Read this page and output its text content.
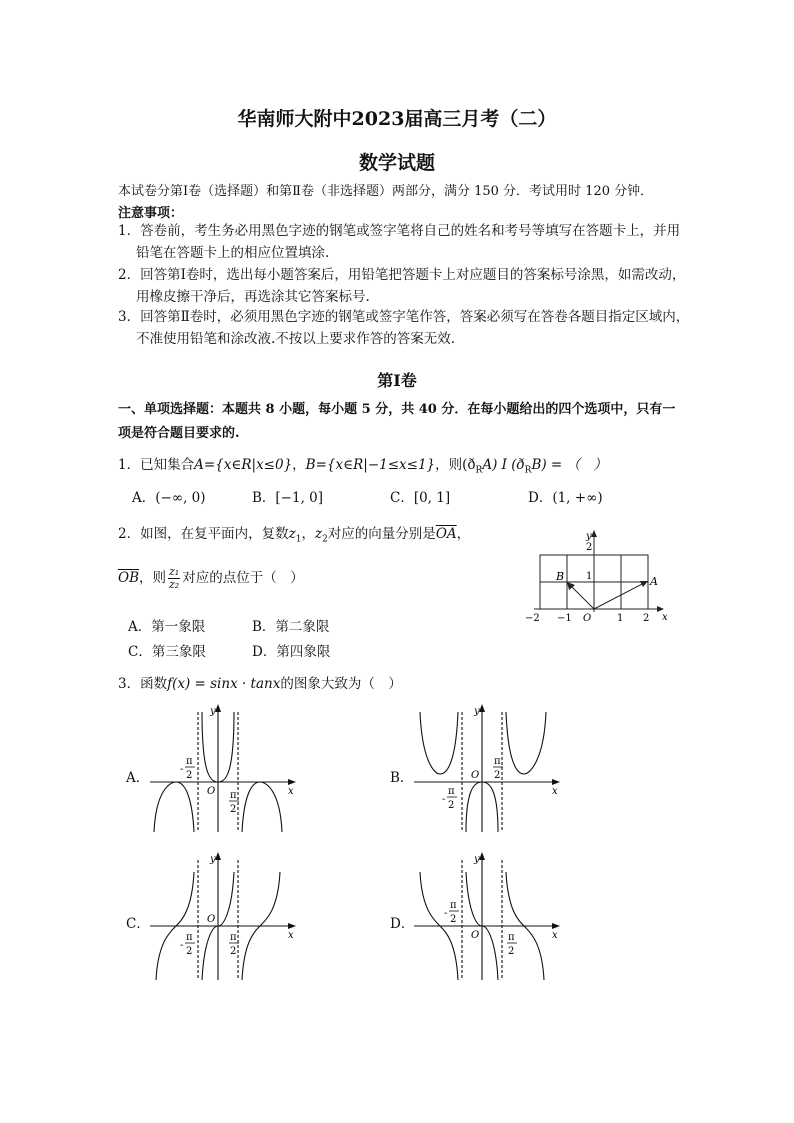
华南师大附中2023届高三月考（二）
数学试题
本试卷分第Ⅰ卷（选择题）和第Ⅱ卷（非选择题）两部分，满分 150 分．考试用时 120 分钟．
注意事项：
1．答卷前，考生务必用黑色字迹的钢笔或签字笔将自己的姓名和考号等填写在答题卡上，并用
铅笔在答题卡上的相应位置填涂.
2．回答第Ⅰ卷时，选出每小题答案后，用铅笔把答题卡上对应题目的答案标号涂黑，如需改动，
用橡皮擦干净后，再选涂其它答案标号.
3．回答第Ⅱ卷时，必须用黑色字迹的钢笔或签字笔作答，答案必须写在答卷各题目指定区域内，
不准使用铅笔和涂改液.不按以上要求作答的答案无效.
第Ⅰ卷
一、单项选择题：本题共 8 小题，每小题 5 分，共 40 分．在每小题给出的四个选项中，只有一
项是符合题目要求的.
1．已知集合A={x∈R|x≤0}，B={x∈R|−1≤x≤1}，则$(ð_RA)$ I $(ð_RB)$ = （　）
A．(−∞, 0)	B．[−1, 0]	C．[0, 1]	D．(1, +∞)
2．如图，在复平面内，复数$z_1$，$z_2$对应的向量分别是$\overline{OA}$，
$\overline{OB}$，则 $\frac{\text{z₁}}{\text{z₂}}$ 对应的点位于（　）
A．第一象限	B．第二象限
C．第三象限	D．第四象限
y
x
2
1
B	A
−2 −1 O	1 2
3．函数f(x) = sinx · tanx的图象大致为（　）
A．	B．
C．	D．
y
x
O
-
π
2
π
2
y
x
O
π
2
-
π
2
y
x
O
π
2
-
π
2
y
x
O
-
π
2
π
2
